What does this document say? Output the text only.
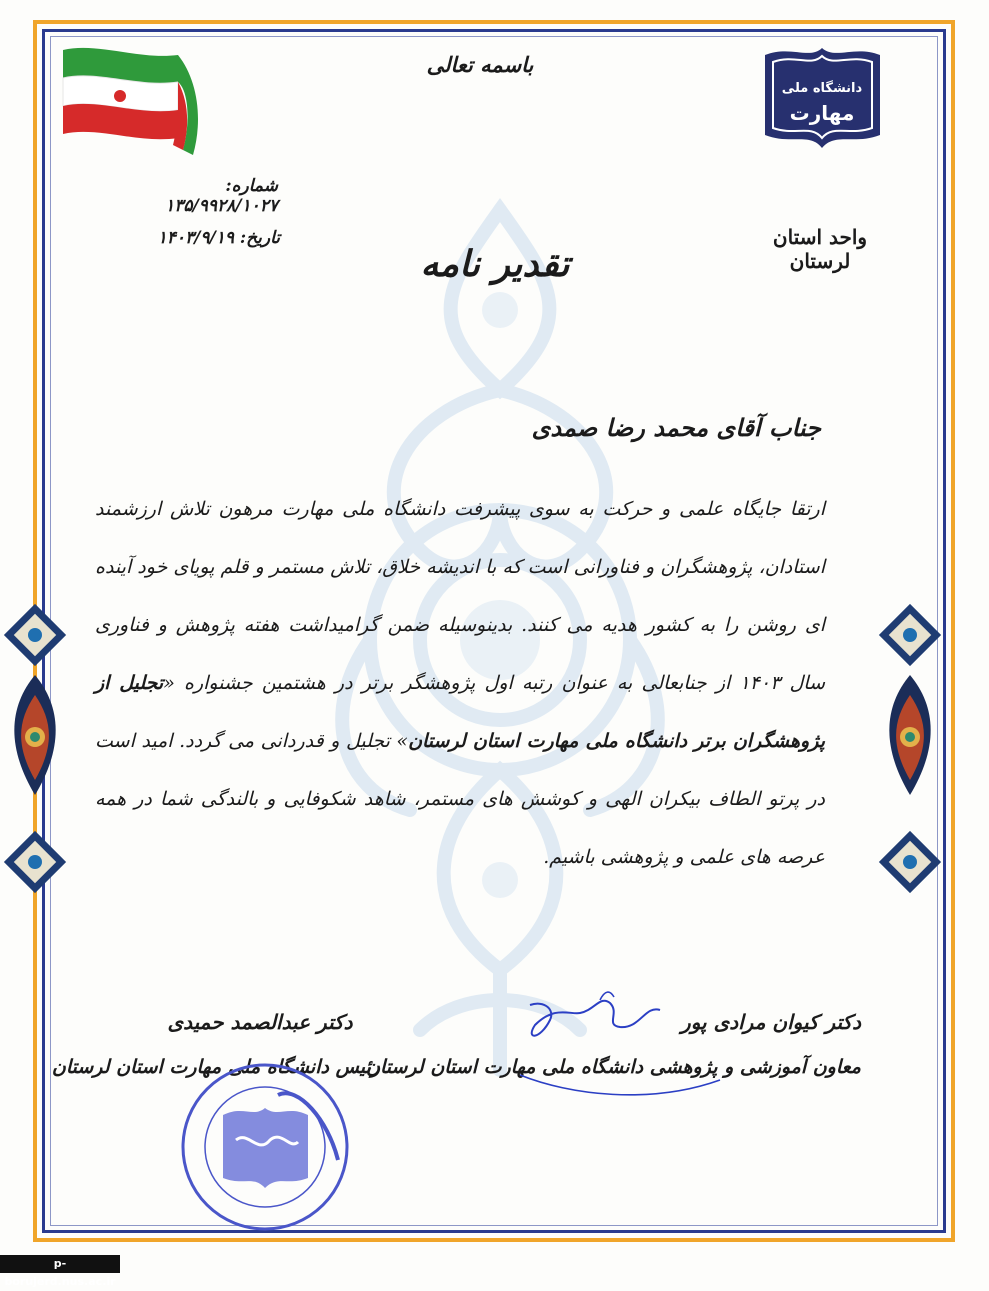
دانشگاه ملی
مهارت
واحد استان لرستان
باسمه تعالی
شماره: ۱۳۵/۹۹۲۸/۱۰۲۷
تاریخ: ۱۴۰۳/۹/۱۹
تقدیر نامه
جناب آقای محمد رضا صمدی
ارتقا جایگاه علمی و حرکت به سوی پیشرفت دانشگاه ملی مهارت مرهون تلاش ارزشمند استادان، پژوهشگران و فناورانی است که با اندیشه خلاق، تلاش مستمر و قلم پویای خود آینده ای روشن را به کشور هدیه می کنند. بدینوسیله ضمن گرامیداشت هفته پژوهش و فناوری سال ۱۴۰۳ از جنابعالی به عنوان رتبه اول پژوهشگر برتر در هشتمین جشنواره «تجلیل از پژوهشگران برتر دانشگاه ملی مهارت استان لرستان» تجلیل و قدردانی می گردد. امید است در پرتو الطاف بیکران الهی و کوشش های مستمر، شاهد شکوفایی و بالندگی شما در همه عرصه های علمی و پژوهشی باشیم.
دکتر کیوان مرادی پور
معاون آموزشی و پژوهشی دانشگاه ملی مهارت استان لرستان
دکتر عبدالصمد حمیدی
رئیس دانشگاه ملی مهارت استان لرستان
p-borujerd.nus.ac.ir
